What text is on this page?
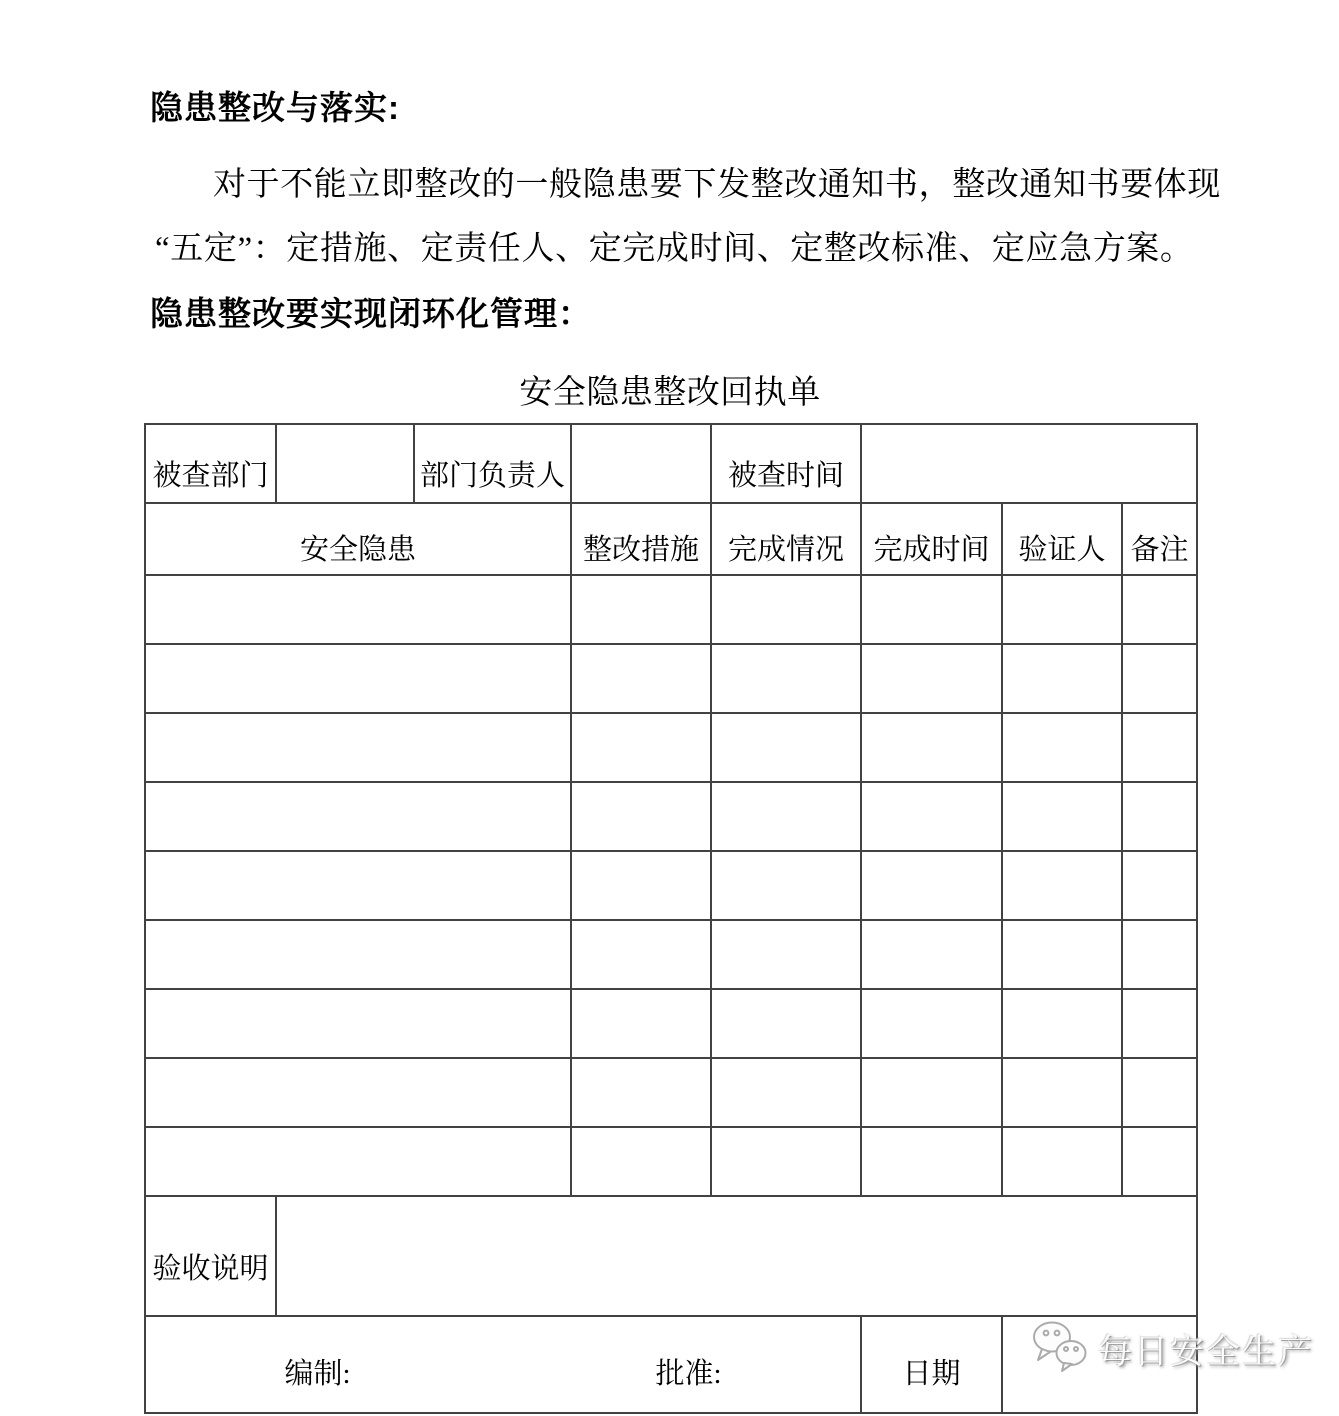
隐患整改与落实:
对于不能立即整改的一般隐患要下发整改通知书，整改通知书要体现
“五定”：定措施、定责任人、定完成时间、定整改标准、定应急方案。
隐患整改要实现闭环化管理：
安全隐患整改回执单
被查部门		部门负责人		被查时间			
安全隐患			整改措施	完成情况	完成时间	验证人	备注

验收说明							
编制: 批准:					日期		
每日安全生产
